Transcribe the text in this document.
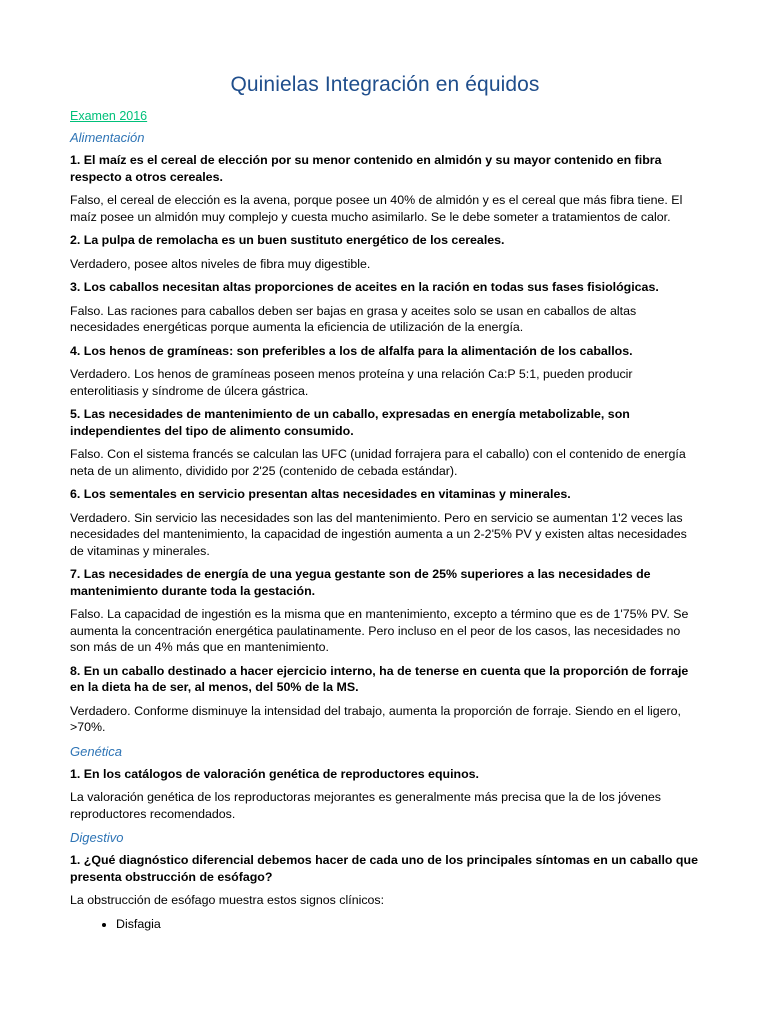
Quinielas Integración en équidos
Examen 2016
Alimentación

1. El maíz es el cereal de elección por su menor contenido en almidón y su mayor contenido en fibra respecto a otros cereales.

Falso, el cereal de elección es la avena, porque posee un 40% de almidón y es el cereal que más fibra tiene. El maíz posee un almidón muy complejo y cuesta mucho asimilarlo. Se le debe someter a tratamientos de calor.

2. La pulpa de remolacha es un buen sustituto energético de los cereales.

Verdadero, posee altos niveles de fibra muy digestible.

3. Los caballos necesitan altas proporciones de aceites en la ración en todas sus fases fisiológicas.

Falso. Las raciones para caballos deben ser bajas en grasa y aceites solo se usan en caballos de altas necesidades energéticas porque aumenta la eficiencia de utilización de la energía.

4. Los henos de gramíneas: son preferibles a los de alfalfa para la alimentación de los caballos.

Verdadero. Los henos de gramíneas poseen menos proteína y una relación Ca:P 5:1, pueden producir enterolitiasis y síndrome de úlcera gástrica.

5. Las necesidades de mantenimiento de un caballo, expresadas en energía metabolizable, son independientes del tipo de alimento consumido.

Falso. Con el sistema francés se calculan las UFC (unidad forrajera para el caballo) con el contenido de energía neta de un alimento, dividido por 2'25 (contenido de cebada estándar).

6. Los sementales en servicio presentan altas necesidades en vitaminas y minerales.

Verdadero. Sin servicio las necesidades son las del mantenimiento. Pero en servicio se aumentan 1'2 veces las necesidades del mantenimiento, la capacidad de ingestión aumenta a un 2-2'5% PV y existen altas necesidades de vitaminas y minerales.

7. Las necesidades de energía de una yegua gestante son de 25% superiores a las necesidades de mantenimiento durante toda la gestación.

Falso. La capacidad de ingestión es la misma que en mantenimiento, excepto a término que es de 1'75% PV. Se aumenta la concentración energética paulatinamente. Pero incluso en el peor de los casos, las necesidades no son más de un 4% más que en mantenimiento.

8. En un caballo destinado a hacer ejercicio interno, ha de tenerse en cuenta que la proporción de forraje en la dieta ha de ser, al menos, del 50% de la MS.

Verdadero. Conforme disminuye la intensidad del trabajo, aumenta la proporción de forraje. Siendo en el ligero, >70%.

Genética

1. En los catálogos de valoración genética de reproductores equinos.

La valoración genética de los reproductoras mejorantes es generalmente más precisa que la de los jóvenes reproductores recomendados.

Digestivo

1. ¿Qué diagnóstico diferencial debemos hacer de cada uno de los principales síntomas en un caballo que presenta obstrucción de esófago?

La obstrucción de esófago muestra estos signos clínicos:

• Disfagia
